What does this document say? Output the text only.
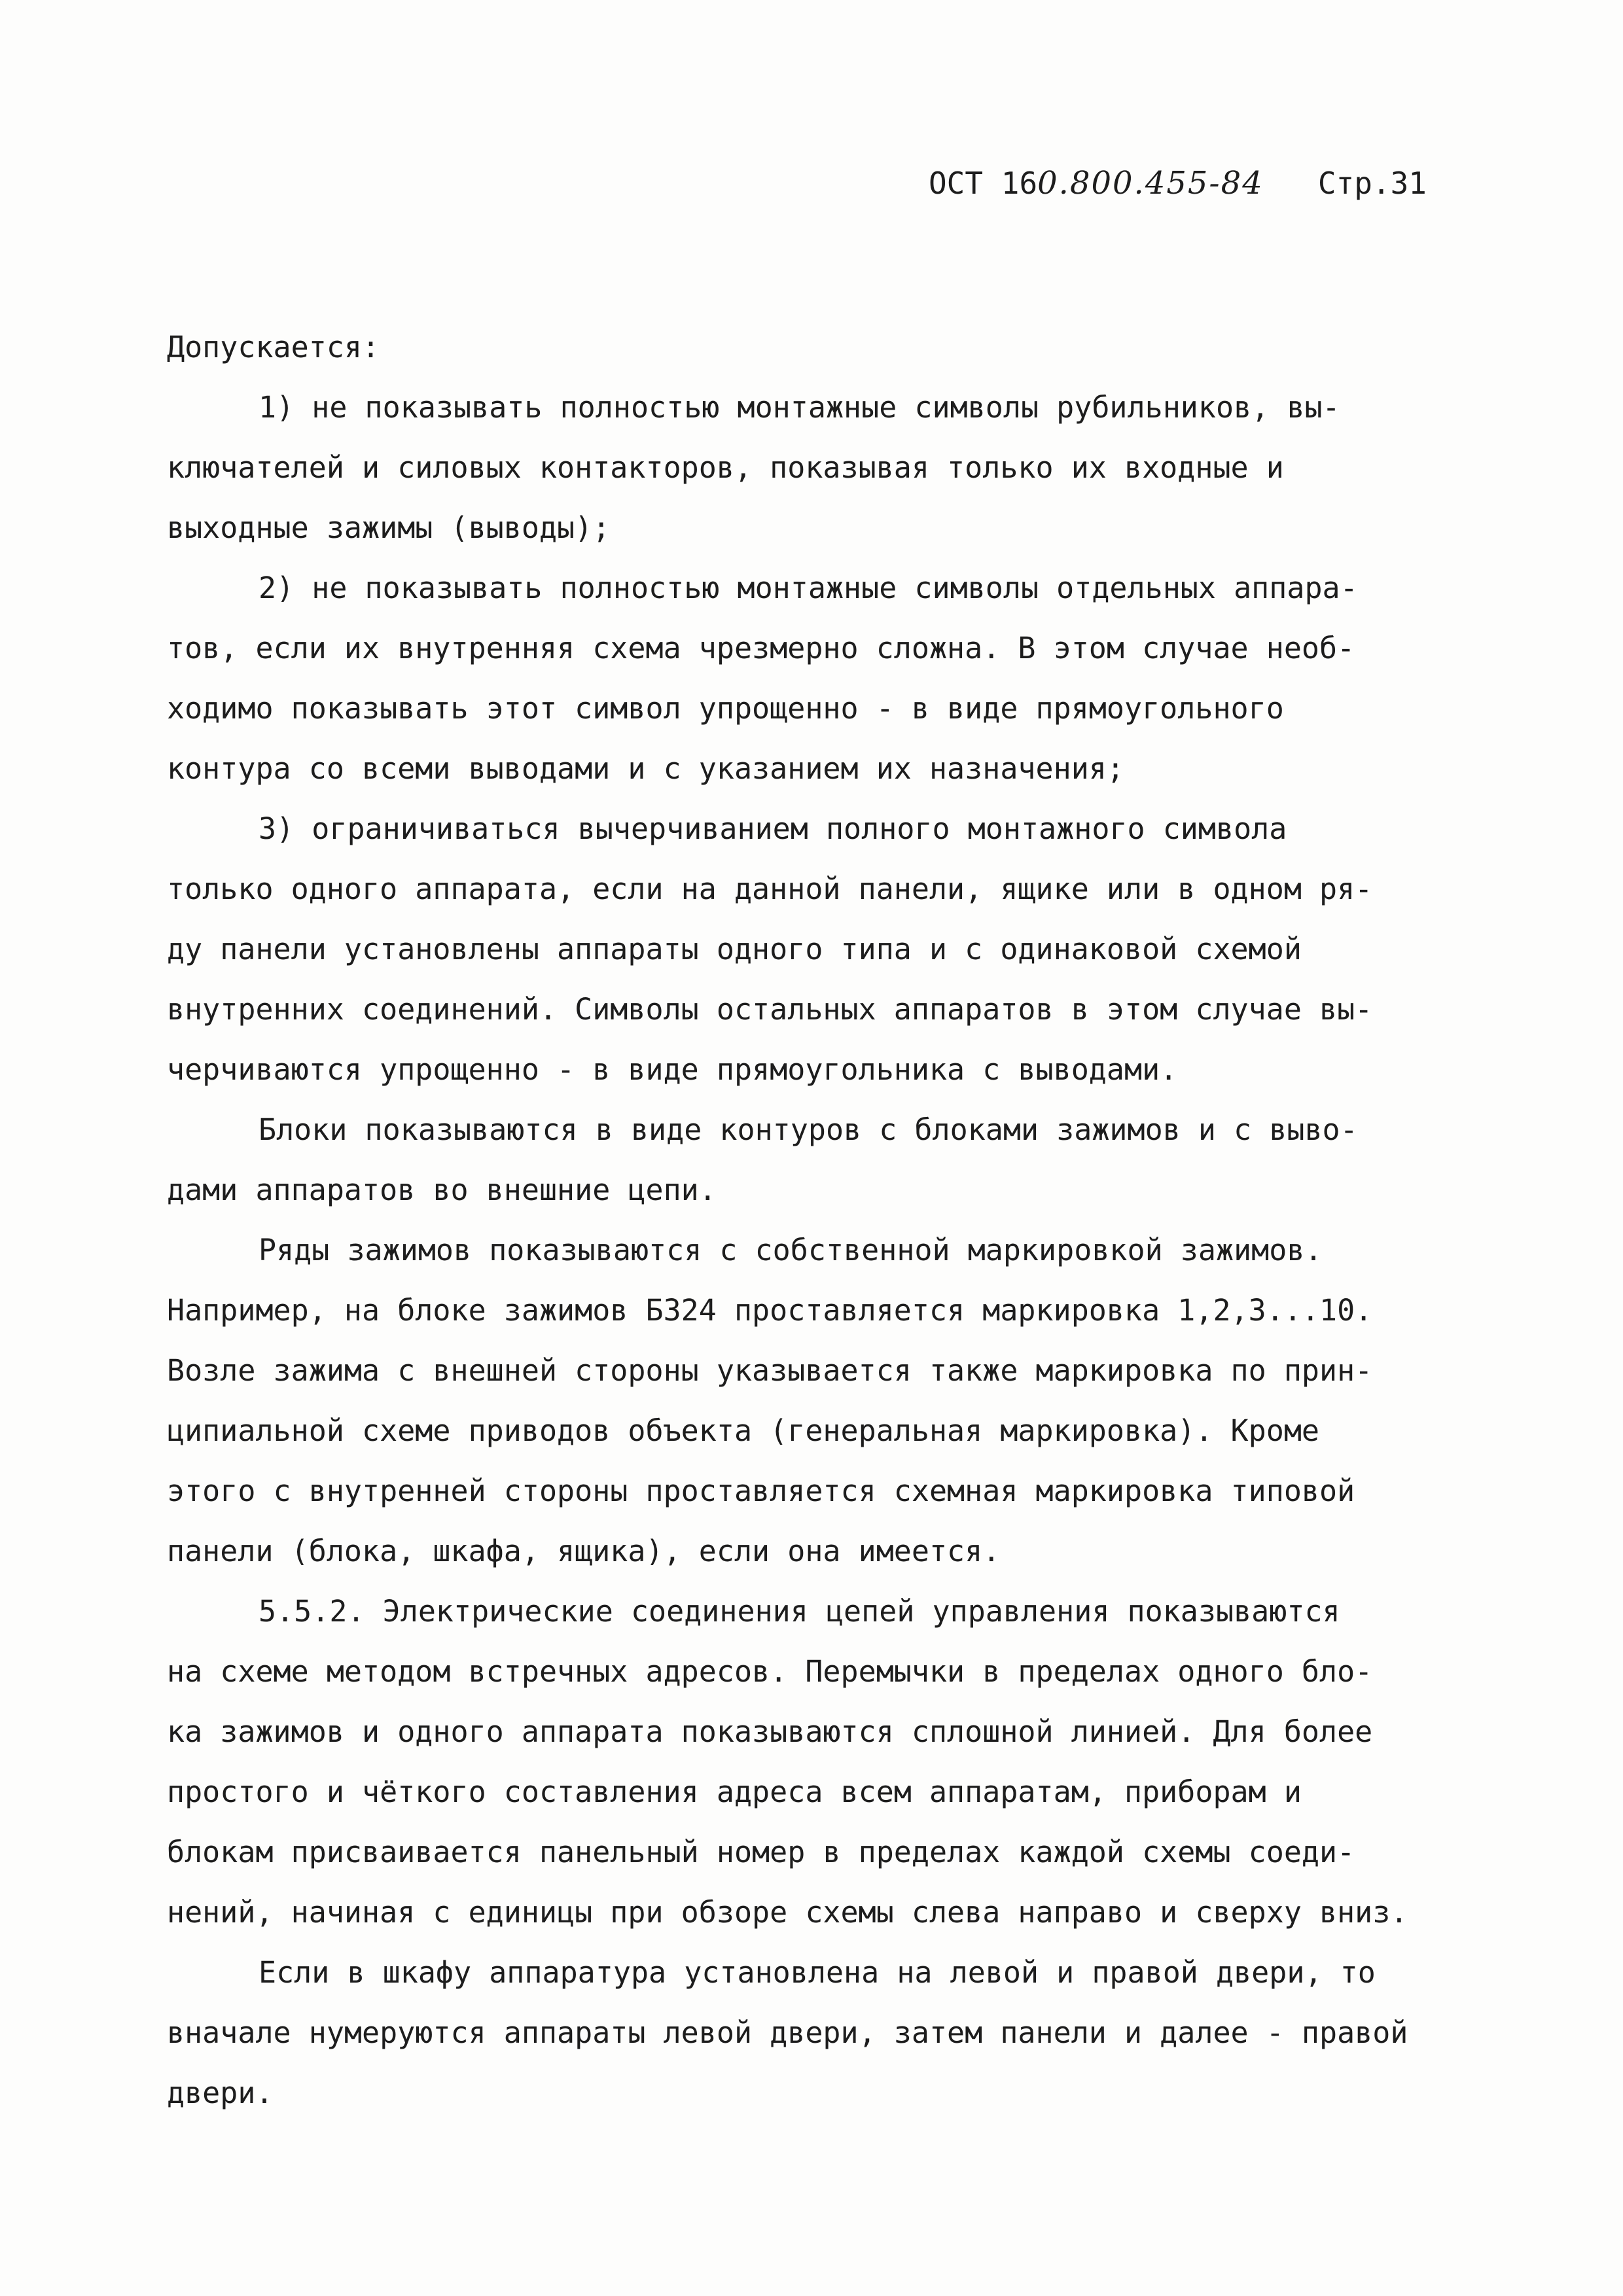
ОСТ 160.800.455-84 Стр.31
Допускается:
1) не показывать полностью монтажные символы рубильников, вы-
ключателей и силовых контакторов, показывая только их входные и
выходные зажимы (выводы);
2) не показывать полностью монтажные символы отдельных аппара-
тов, если их внутренняя схема чрезмерно сложна. В этом случае необ-
ходимо показывать этот символ упрощенно - в виде прямоугольного
контура со всеми выводами и с указанием их назначения;
3) ограничиваться вычерчиванием полного монтажного символа
только одного аппарата, если на данной панели, ящике или в одном ря-
ду панели установлены аппараты одного типа и с одинаковой схемой
внутренних соединений. Символы остальных аппаратов в этом случае вы-
черчиваются упрощенно - в виде прямоугольника с выводами.
Блоки показываются в виде контуров с блоками зажимов и с выво-
дами аппаратов во внешние цепи.
Ряды зажимов показываются с собственной маркировкой зажимов.
Например, на блоке зажимов Б324 проставляется маркировка 1,2,3...10.
Возле зажима с внешней стороны указывается также маркировка по прин-
ципиальной схеме приводов объекта (генеральная маркировка). Кроме
этого с внутренней стороны проставляется схемная маркировка типовой
панели (блока, шкафа, ящика), если она имеется.
5.5.2. Электрические соединения цепей управления показываются
на схеме методом встречных адресов. Перемычки в пределах одного бло-
ка зажимов и одного аппарата показываются сплошной линией. Для более
простого и чёткого составления адреса всем аппаратам, приборам и
блокам присваивается панельный номер в пределах каждой схемы соеди-
нений, начиная с единицы при обзоре схемы слева направо и сверху вниз.
Если в шкафу аппаратура установлена на левой и правой двери, то
вначале нумеруются аппараты левой двери, затем панели и далее - правой
двери.
